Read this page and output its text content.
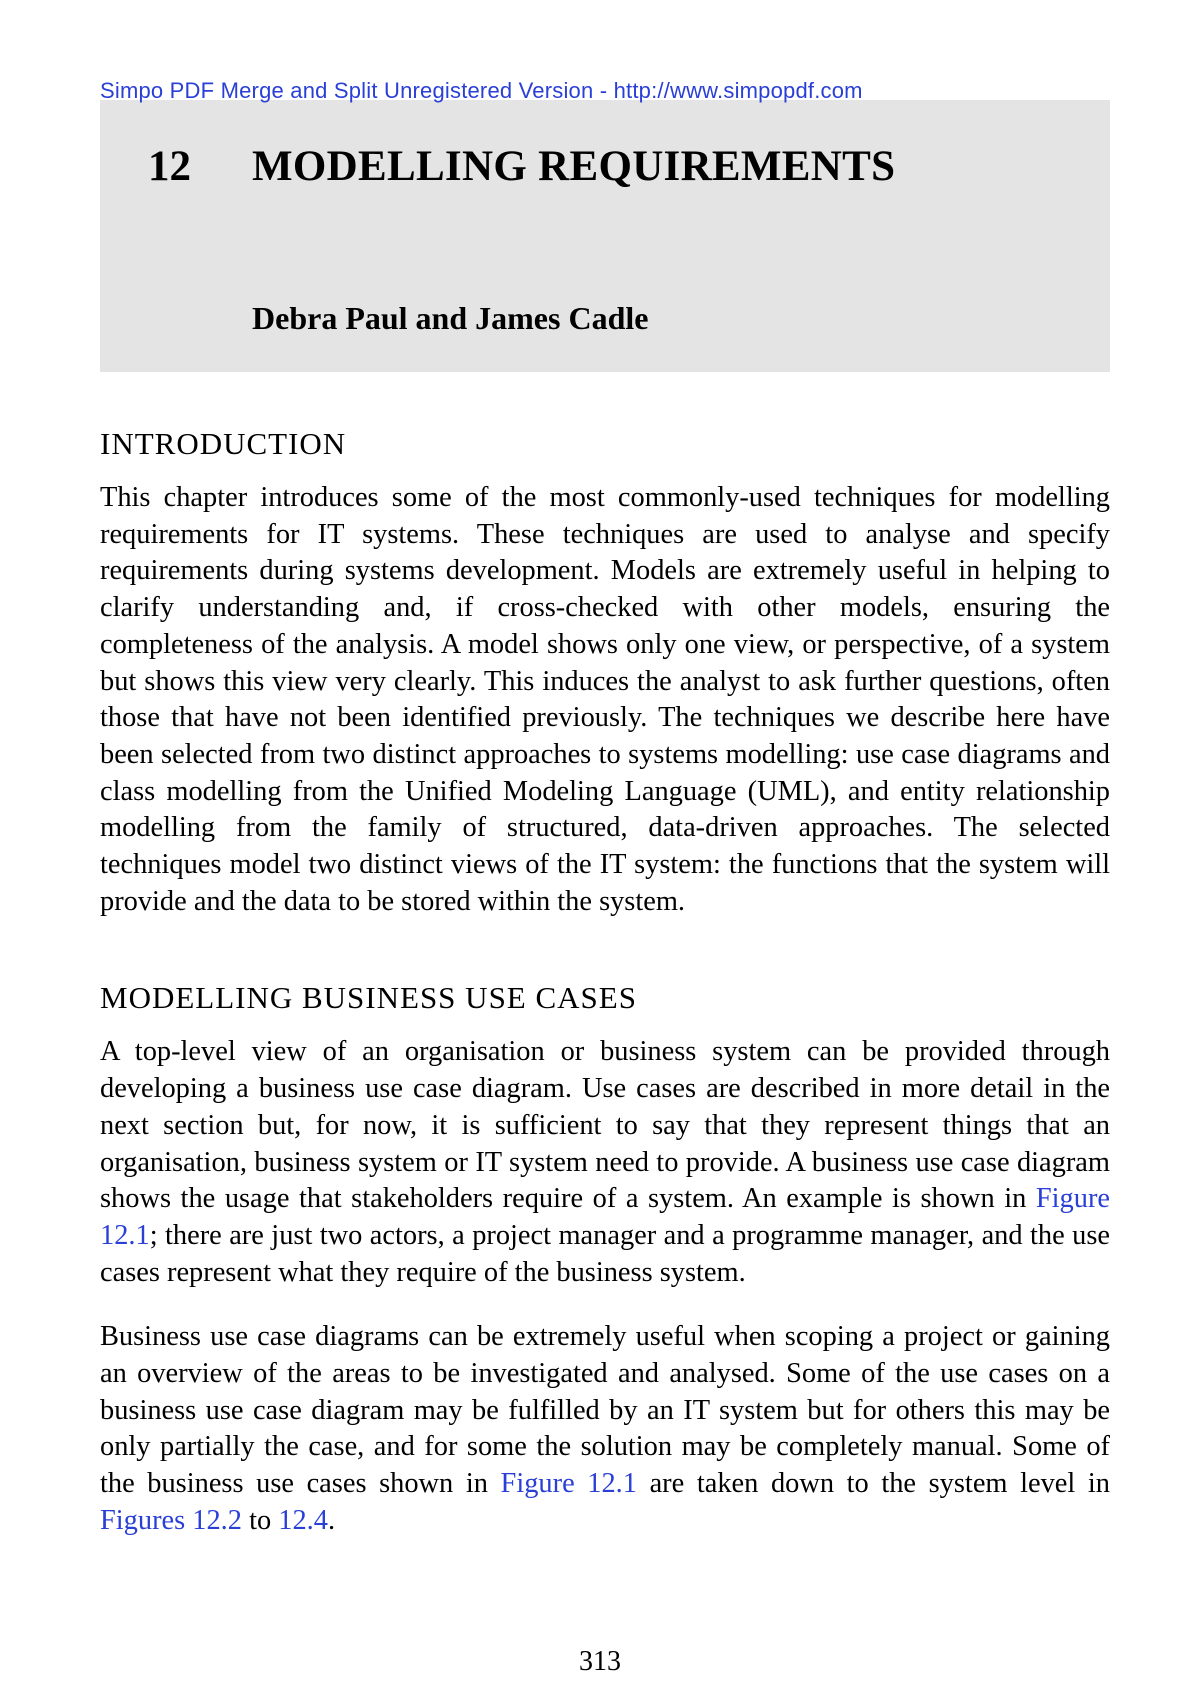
Simpo PDF Merge and Split Unregistered Version - http://www.simpopdf.com
12 MODELLING REQUIREMENTS
Debra Paul and James Cadle
INTRODUCTION

This chapter introduces some of the most commonly-used techniques for modelling requirements for IT systems. These techniques are used to analyse and specify requirements during systems development. Models are extremely useful in helping to clarify understanding and, if cross-checked with other models, ensuring the completeness of the analysis. A model shows only one view, or perspective, of a system but shows this view very clearly. This induces the analyst to ask further questions, often those that have not been identified previously. The techniques we describe here have been selected from two distinct approaches to systems modelling: use case diagrams and class modelling from the Unified Modeling Language (UML), and entity relationship modelling from the family of structured, data-driven approaches. The selected techniques model two distinct views of the IT system: the functions that the system will provide and the data to be stored within the system.

MODELLING BUSINESS USE CASES

A top-level view of an organisation or business system can be provided through developing a business use case diagram. Use cases are described in more detail in the next section but, for now, it is sufficient to say that they represent things that an organisation, business system or IT system need to provide. A business use case diagram shows the usage that stakeholders require of a system. An example is shown in Figure 12.1; there are just two actors, a project manager and a programme manager, and the use cases represent what they require of the business system.

Business use case diagrams can be extremely useful when scoping a project or gaining an overview of the areas to be investigated and analysed. Some of the use cases on a business use case diagram may be fulfilled by an IT system but for others this may be only partially the case, and for some the solution may be completely manual. Some of the business use cases shown in Figure 12.1 are taken down to the system level in Figures 12.2 to 12.4.

313
